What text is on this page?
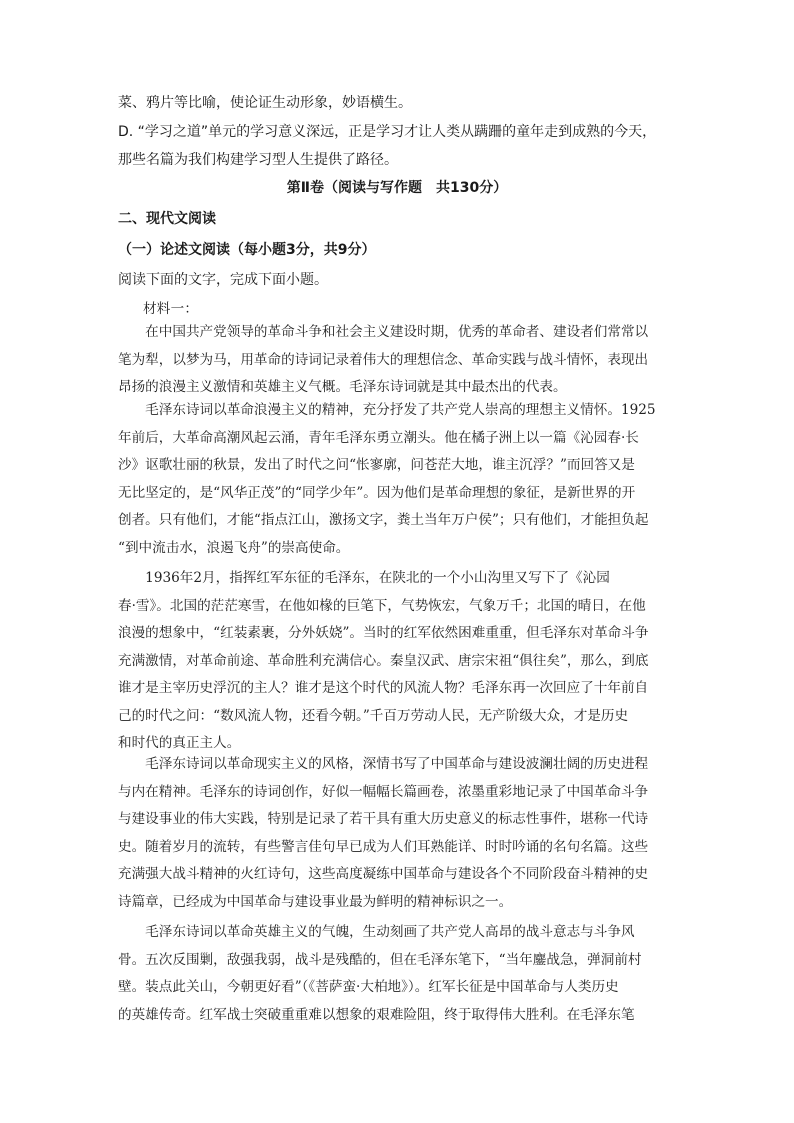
菜、鸦片等比喻，使论证生动形象，妙语横生。
D. “学习之道”单元的学习意义深远，正是学习才让人类从蹒跚的童年走到成熟的今天，
那些名篇为我们构建学习型人生提供了路径。
第Ⅱ卷（阅读与写作题　共130分）
二、现代文阅读
（一）论述文阅读（每小题3分，共9分）
阅读下面的文字，完成下面小题。
材料一：
　　在中国共产党领导的革命斗争和社会主义建设时期，优秀的革命者、建设者们常常以
笔为犁，以梦为马，用革命的诗词记录着伟大的理想信念、革命实践与战斗情怀，表现出
昂扬的浪漫主义激情和英雄主义气概。毛泽东诗词就是其中最杰出的代表。
　　毛泽东诗词以革命浪漫主义的精神，充分抒发了共产党人崇高的理想主义情怀。1925
年前后，大革命高潮风起云涌，青年毛泽东勇立潮头。他在橘子洲上以一篇《沁园春·长
沙》讴歌壮丽的秋景，发出了时代之问“怅寥廓，问苍茫大地，谁主沉浮？”而回答又是
无比坚定的，是“风华正茂”的“同学少年”。因为他们是革命理想的象征，是新世界的开
创者。只有他们，才能“指点江山，激扬文字，粪土当年万户侯”；只有他们，才能担负起
“到中流击水，浪遏飞舟”的崇高使命。
　　1936年2月，指挥红军东征的毛泽东，在陕北的一个小山沟里又写下了《沁园
春·雪》。北国的茫茫寒雪，在他如椽的巨笔下，气势恢宏，气象万千；北国的晴日，在他
浪漫的想象中，“红装素裹，分外妖娆”。当时的红军依然困难重重，但毛泽东对革命斗争
充满激情，对革命前途、革命胜利充满信心。秦皇汉武、唐宗宋祖“俱往矣”，那么，到底
谁才是主宰历史浮沉的主人？谁才是这个时代的风流人物？毛泽东再一次回应了十年前自
己的时代之问：“数风流人物，还看今朝。”千百万劳动人民，无产阶级大众，才是历史
和时代的真正主人。
　　毛泽东诗词以革命现实主义的风格，深情书写了中国革命与建设波澜壮阔的历史进程
与内在精神。毛泽东的诗词创作，好似一幅幅长篇画卷，浓墨重彩地记录了中国革命斗争
与建设事业的伟大实践，特别是记录了若干具有重大历史意义的标志性事件，堪称一代诗
史。随着岁月的流转，有些警言佳句早已成为人们耳熟能详、时时吟诵的名句名篇。这些
充满强大战斗精神的火红诗句，这些高度凝练中国革命与建设各个不同阶段奋斗精神的史
诗篇章，已经成为中国革命与建设事业最为鲜明的精神标识之一。
　　毛泽东诗词以革命英雄主义的气魄，生动刻画了共产党人高昂的战斗意志与斗争风
骨。五次反围剿，敌强我弱，战斗是残酷的，但在毛泽东笔下，“当年鏖战急，弹洞前村
壁。装点此关山，今朝更好看”（《菩萨蛮·大柏地》）。红军长征是中国革命与人类历史
的英雄传奇。红军战士突破重重难以想象的艰难险阻，终于取得伟大胜利。在毛泽东笔
